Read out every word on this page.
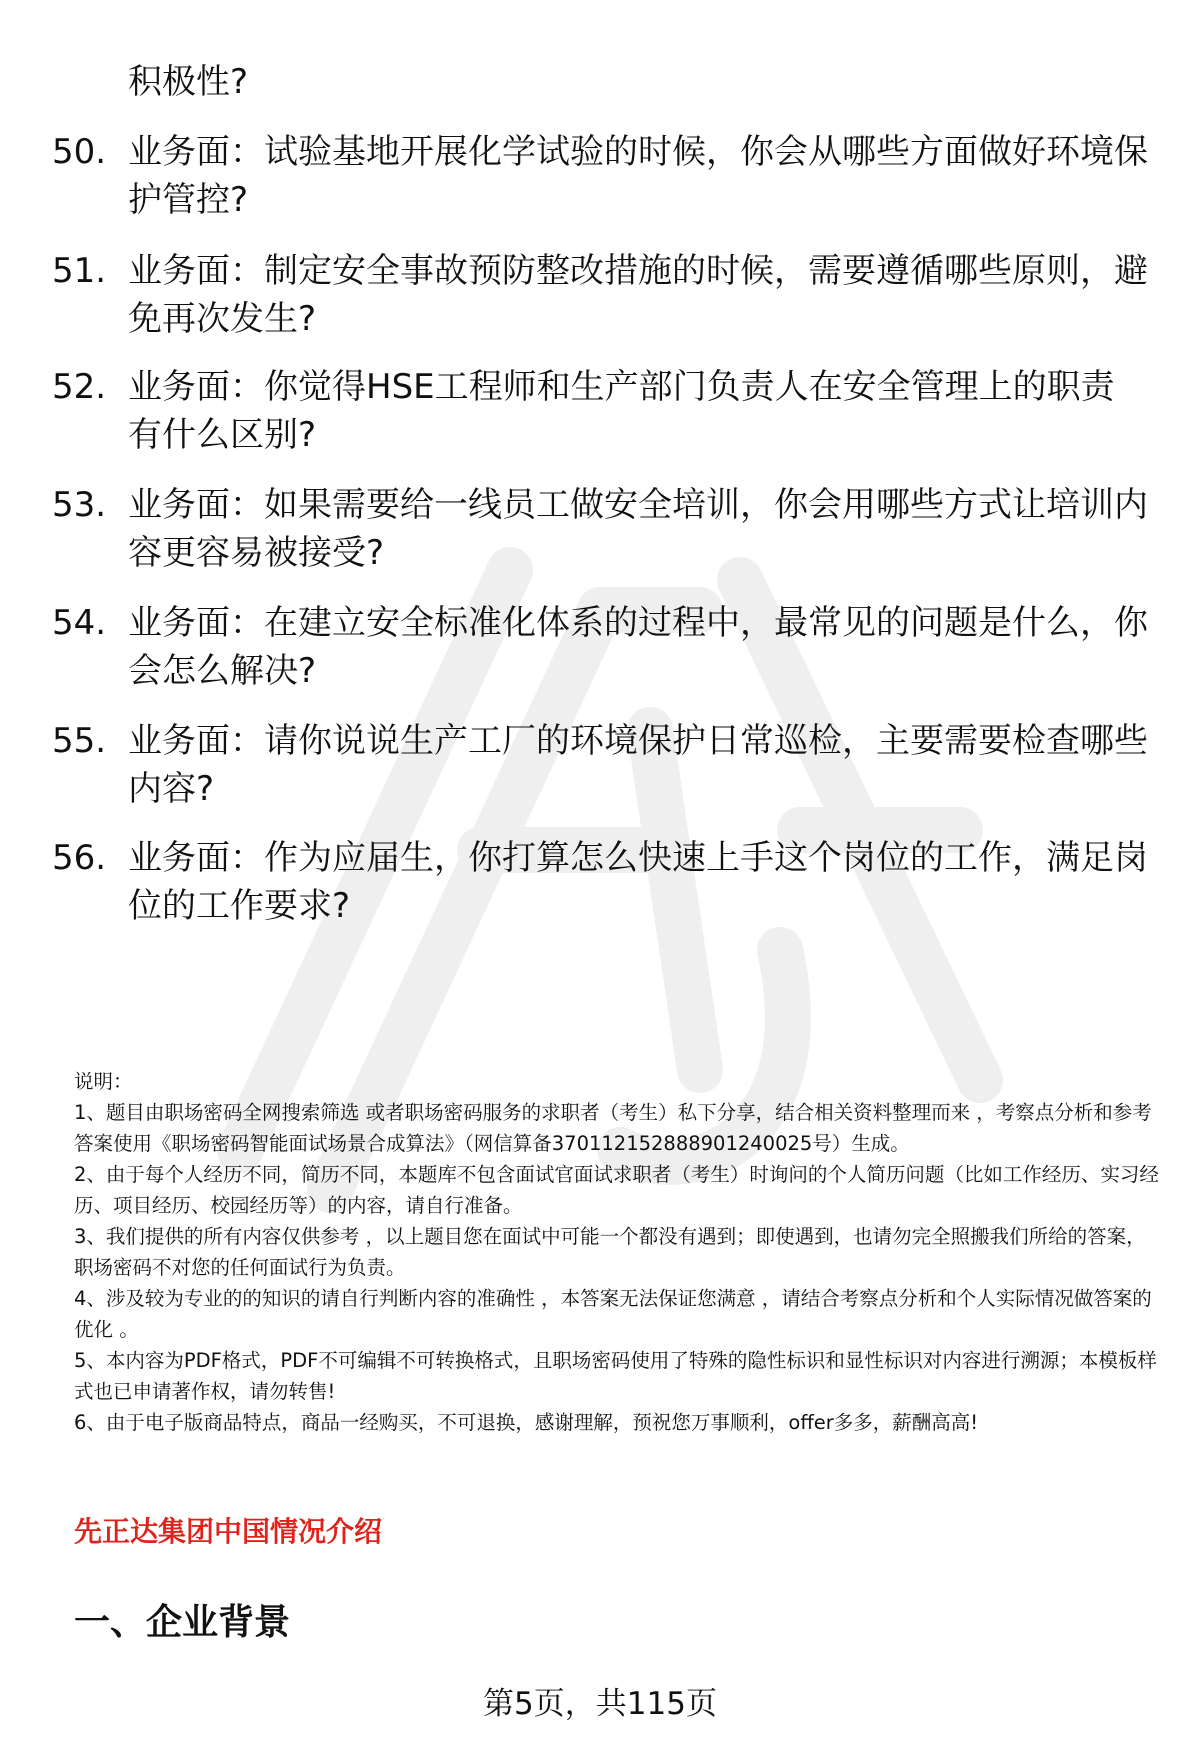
积极性?
50. 业务面：试验基地开展化学试验的时候，你会从哪些方面做好环境保护管控?
51. 业务面：制定安全事故预防整改措施的时候，需要遵循哪些原则，避免再次发生?
52. 业务面：你觉得HSE工程师和生产部门负责人在安全管理上的职责有什么区别?
53. 业务面：如果需要给一线员工做安全培训，你会用哪些方式让培训内容更容易被接受?
54. 业务面：在建立安全标准化体系的过程中，最常见的问题是什么，你会怎么解决?
55. 业务面：请你说说生产工厂的环境保护日常巡检，主要需要检查哪些内容?
56. 业务面：作为应届生，你打算怎么快速上手这个岗位的工作，满足岗位的工作要求?
说明：
1、题目由职场密码全网搜索筛选 或者职场密码服务的求职者（考生）私下分享，结合相关资料整理而来 ，考察点分析和参考答案使用《职场密码智能面试场景合成算法》（网信算备370112152888901240025号）生成。
2、由于每个人经历不同，简历不同，本题库不包含面试官面试求职者（考生）时询问的个人简历问题（比如工作经历、实习经历、项目经历、校园经历等）的内容，请自行准备。
3、我们提供的所有内容仅供参考 ，以上题目您在面试中可能一个都没有遇到；即使遇到，也请勿完全照搬我们所给的答案，职场密码不对您的任何面试行为负责。
4、涉及较为专业的的知识的请自行判断内容的准确性 ，本答案无法保证您满意 ，请结合考察点分析和个人实际情况做答案的优化 。
5、本内容为PDF格式，PDF不可编辑不可转换格式，且职场密码使用了特殊的隐性标识和显性标识对内容进行溯源；本模板样式也已申请著作权，请勿转售!
6、由于电子版商品特点，商品一经购买，不可退换，感谢理解，预祝您万事顺利，offer多多，薪酬高高!
先正达集团中国情况介绍
一、企业背景
第5页，共115页
